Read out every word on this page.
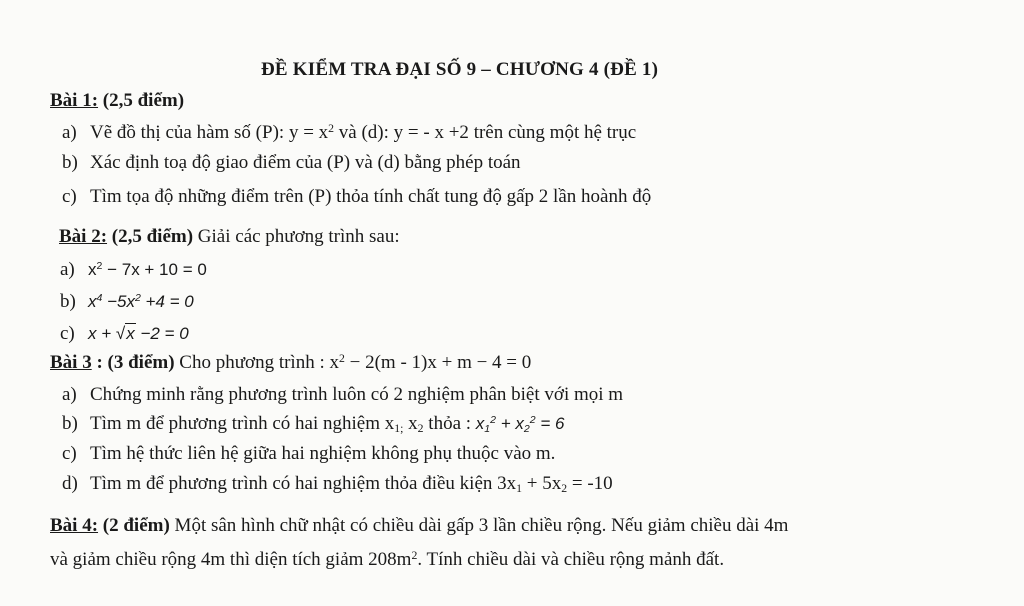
ĐỀ KIỂM TRA ĐẠI SỐ 9 – CHƯƠNG 4 (ĐỀ 1)
Bài 1: (2,5 điểm)
a) Vẽ đồ thị của hàm số (P): $y = x^2$ và (d): y = - x +2 trên cùng một hệ trục
b) Xác định toạ độ giao điểm của (P) và (d) bằng phép toán
c) Tìm tọa độ những điểm trên (P) thỏa tính chất tung độ gấp 2 lần hoành độ
Bài 2: (2,5 điểm) Giải các phương trình sau:
a) $x^2 - 7x + 10 = 0$
b) $x^4 -5x^2 +4 = 0$
c) x + √x −2 = 0
Bài 3 : (3 điểm) Cho phương trình : $x^2 - 2(m - 1)x + m - 4 = 0$
a) Chứng minh rằng phương trình luôn có 2 nghiệm phân biệt với mọi m
b) Tìm m để phương trình có hai nghiệm $x_{1;}$ $x_2$ thỏa : $x_1^2 + x_2^2 = 6$
c) Tìm hệ thức liên hệ giữa hai nghiệm không phụ thuộc vào m.
d) Tìm m để phương trình có hai nghiệm thỏa điều kiện $3x_1 + 5x_2 = -10$
Bài 4: (2 điểm) Một sân hình chữ nhật có chiều dài gấp 3 lần chiều rộng. Nếu giảm chiều dài 4m
và giảm chiều rộng 4m thì diện tích giảm $208m^2$. Tính chiều dài và chiều rộng mảnh đất.
